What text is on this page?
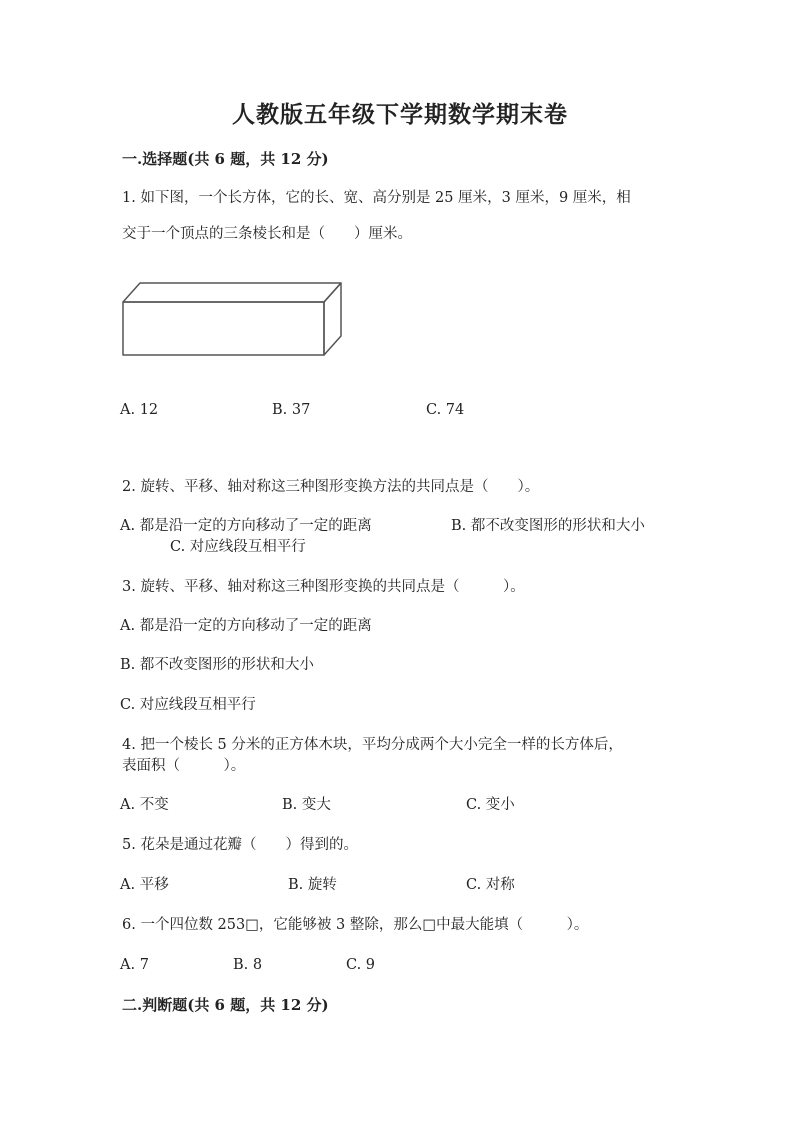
人教版五年级下学期数学期末卷
一.选择题(共 6 题，共 12 分)
1. 如下图，一个长方体，它的长、宽、高分别是 25 厘米，3 厘米，9 厘米，相
交于一个顶点的三条棱长和是（　　）厘米。
A. 12	B. 37	C. 74
2. 旋转、平移、轴对称这三种图形变换方法的共同点是（　　）。
A. 都是沿一定的方向移动了一定的距离	B. 都不改变图形的形状和大小
C. 对应线段互相平行
3. 旋转、平移、轴对称这三种图形变换的共同点是（　　　）。
A. 都是沿一定的方向移动了一定的距离
B. 都不改变图形的形状和大小
C. 对应线段互相平行
4. 把一个棱长 5 分米的正方体木块，平均分成两个大小完全一样的长方体后，
表面积（　　　）。
A. 不变	B. 变大	C. 变小
5. 花朵是通过花瓣（　　）得到的。
A. 平移	B. 旋转	C. 对称
6. 一个四位数 253□，它能够被 3 整除，那么□中最大能填（　　　）。
A. 7	B. 8	C. 9
二.判断题(共 6 题，共 12 分)
